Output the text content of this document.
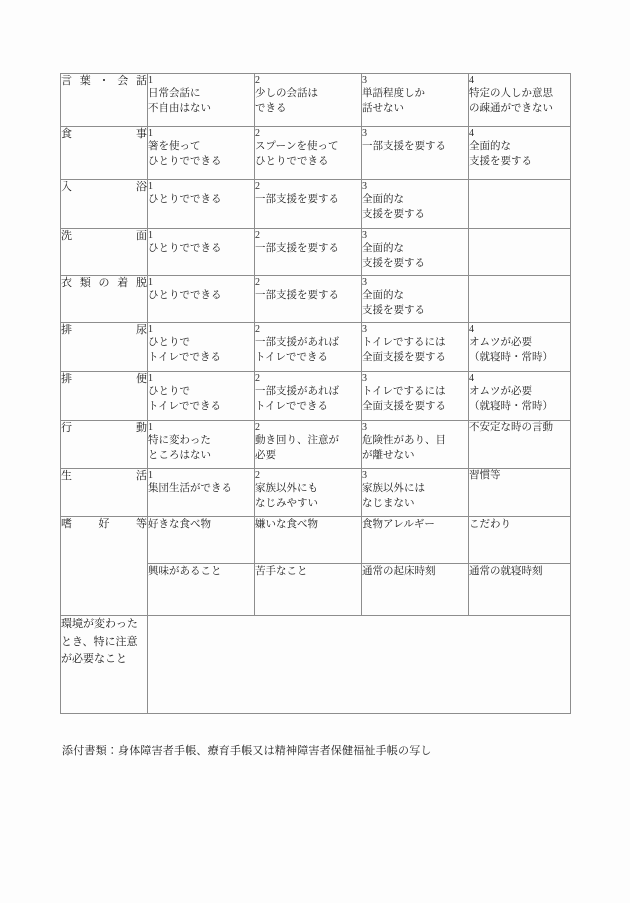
言葉・会話	1
日常会話に
不自由はない	2
少しの会話は
できる	3
単語程度しか
話せない	4
特定の人しか意思
の疎通ができない

食事	1
箸を使って
ひとりでできる	2
スプーンを使って
ひとりでできる	3
一部支援を要する	4
全面的な
支援を要する

入浴	1
ひとりでできる	2
一部支援を要する	3
全面的な
支援を要する	

洗面	1
ひとりでできる	2
一部支援を要する	3
全面的な
支援を要する	

衣類の着脱	1
ひとりでできる	2
一部支援を要する	3
全面的な
支援を要する	

排尿	1
ひとりで
トイレでできる	2
一部支援があれば
トイレでできる	3
トイレでするには
全面支援を要する	4
オムツが必要
（就寝時・常時）

排便	1
ひとりで
トイレでできる	2
一部支援があれば
トイレでできる	3
トイレでするには
全面支援を要する	4
オムツが必要
（就寝時・常時）

行動	1
特に変わった
ところはない	2
動き回り、注意が
必要	3
危険性があり、目
が離せない	不安定な時の言動

生活	1
集団生活ができる	2
家族以外にも
なじみやすい	3
家族以外には
なじまない	習慣等

嗜好等	好きな食べ物	嫌いな食べ物	食物アレルギー	こだわり

	興味があること	苦手なこと	通常の起床時刻	通常の就寝時刻

環境が変わったとき、特に注意が必要なこと				

添付書類：身体障害者手帳、療育手帳又は精神障害者保健福祉手帳の写し
